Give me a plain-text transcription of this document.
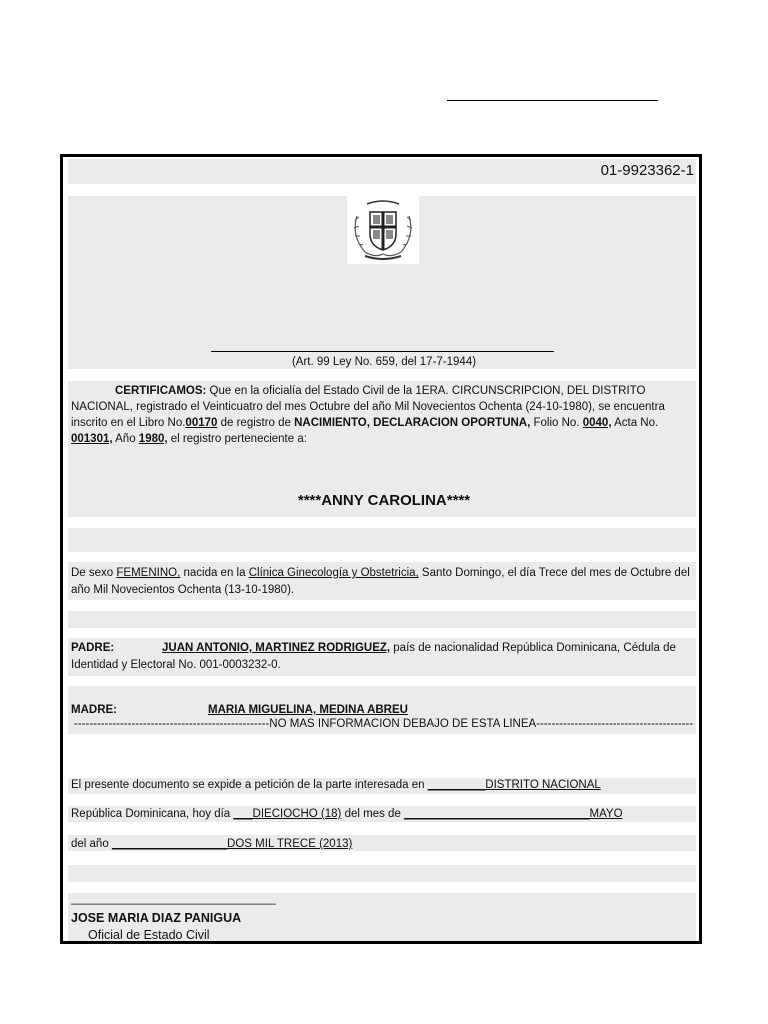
01-9923362-1
(Art. 99 Ley No. 659, del 17-7-1944)
CERTIFICAMOS: Que en la oficialía del Estado Civil de la 1ERA. CIRCUNSCRIPCION, DEL DISTRITO NACIONAL, registrado el Veinticuatro del mes Octubre del año Mil Novecientos Ochenta (24-10-1980), se encuentra inscrito en el Libro No.00170 de registro de NACIMIENTO, DECLARACION OPORTUNA, Folio No. 0040, Acta No. 001301, Año 1980, el registro perteneciente a:
****ANNY CAROLINA****
De sexo FEMENINO, nacida en la Clínica Ginecología y Obstetricia, Santo Domingo, el día Trece del mes de Octubre del año Mil Novecientos Ochenta (13-10-1980).
PADRE:	JUAN ANTONIO, MARTINEZ RODRIGUEZ, país de nacionalidad República Dominicana, Cédula de Identidad y Electoral No. 001-0003232-0.
MADRE:	MARIA MIGUELINA, MEDINA ABREU
---------------------------------------------------NO MAS INFORMACION DEBAJO DE ESTA LINEA-----------------------------------------
El presente documento se expide a petición de la parte interesada en _________DISTRITO NACIONAL
República Dominicana, hoy día ___DIECIOCHO (18) del mes de _____________________________MAYO
del año __________________DOS MIL TRECE (2013)
________________________________
JOSE MARIA DIAZ PANIGUA
Oficial de Estado Civil
